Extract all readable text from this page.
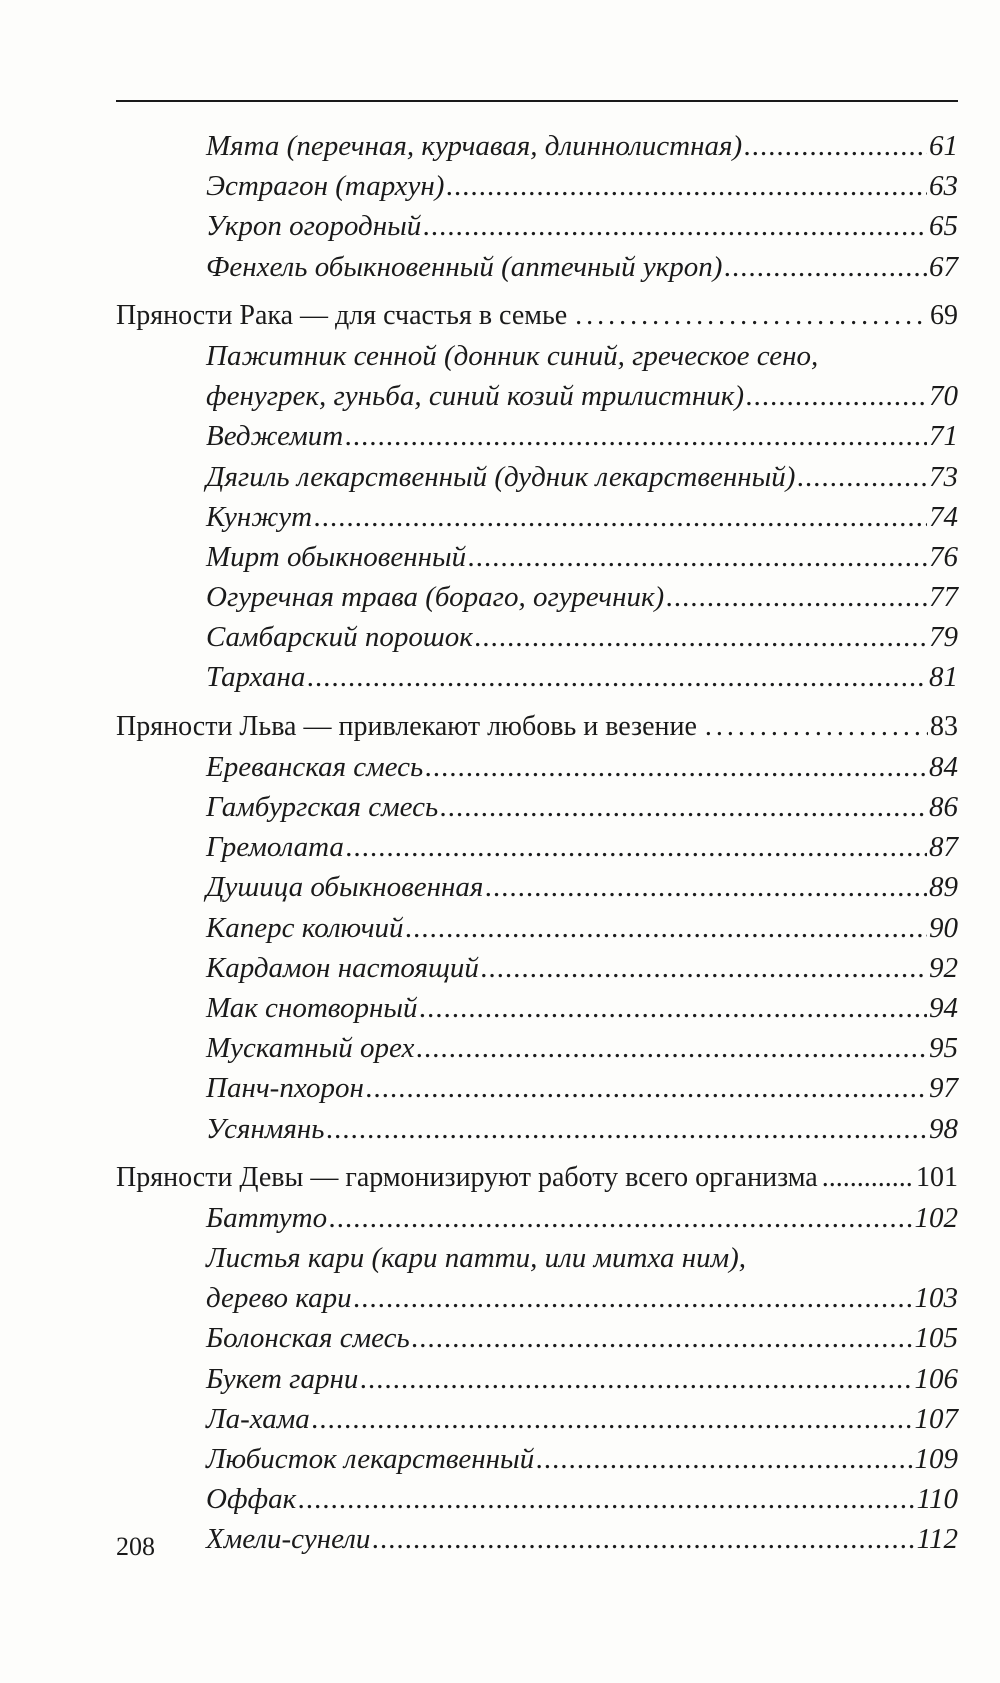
Мята (перечная, курчавая, длиннолистная) .....	61
Эстрагон (тархун) .....	63
Укроп огородный .....	65
Фенхель обыкновенный (аптечный укроп) .....	67
Пряности Рака — для счастья в семье .....	69
Пажитник сенной (донник синий, греческое сено,
фенугрек, гуньба, синий козий трилистник) .....	70
Веджемит .....	71
Дягиль лекарственный (дудник лекарственный) .....	73
Кунжут .....	74
Мирт обыкновенный .....	76
Огуречная трава (бораго, огуречник) .....	77
Самбарский порошок .....	79
Тархана .....	81
Пряности Льва — привлекают любовь и везение .....	83
Ереванская смесь .....	84
Гамбургская смесь .....	86
Гремолата .....	87
Душица обыкновенная .....	89
Каперс колючий .....	90
Кардамон настоящий .....	92
Мак снотворный .....	94
Мускатный орех .....	95
Панч-пхорон .....	97
Усянмянь .....	98
Пряности Девы — гармонизируют работу всего организма .....	101
Баттуто .....	102
Листья кари (кари патти, или митха ним),
дерево кари .....	103
Болонская смесь .....	105
Букет гарни .....	106
Ла-хама .....	107
Любисток лекарственный .....	109
Оффак .....	110
Хмели-сунели .....	112
208
